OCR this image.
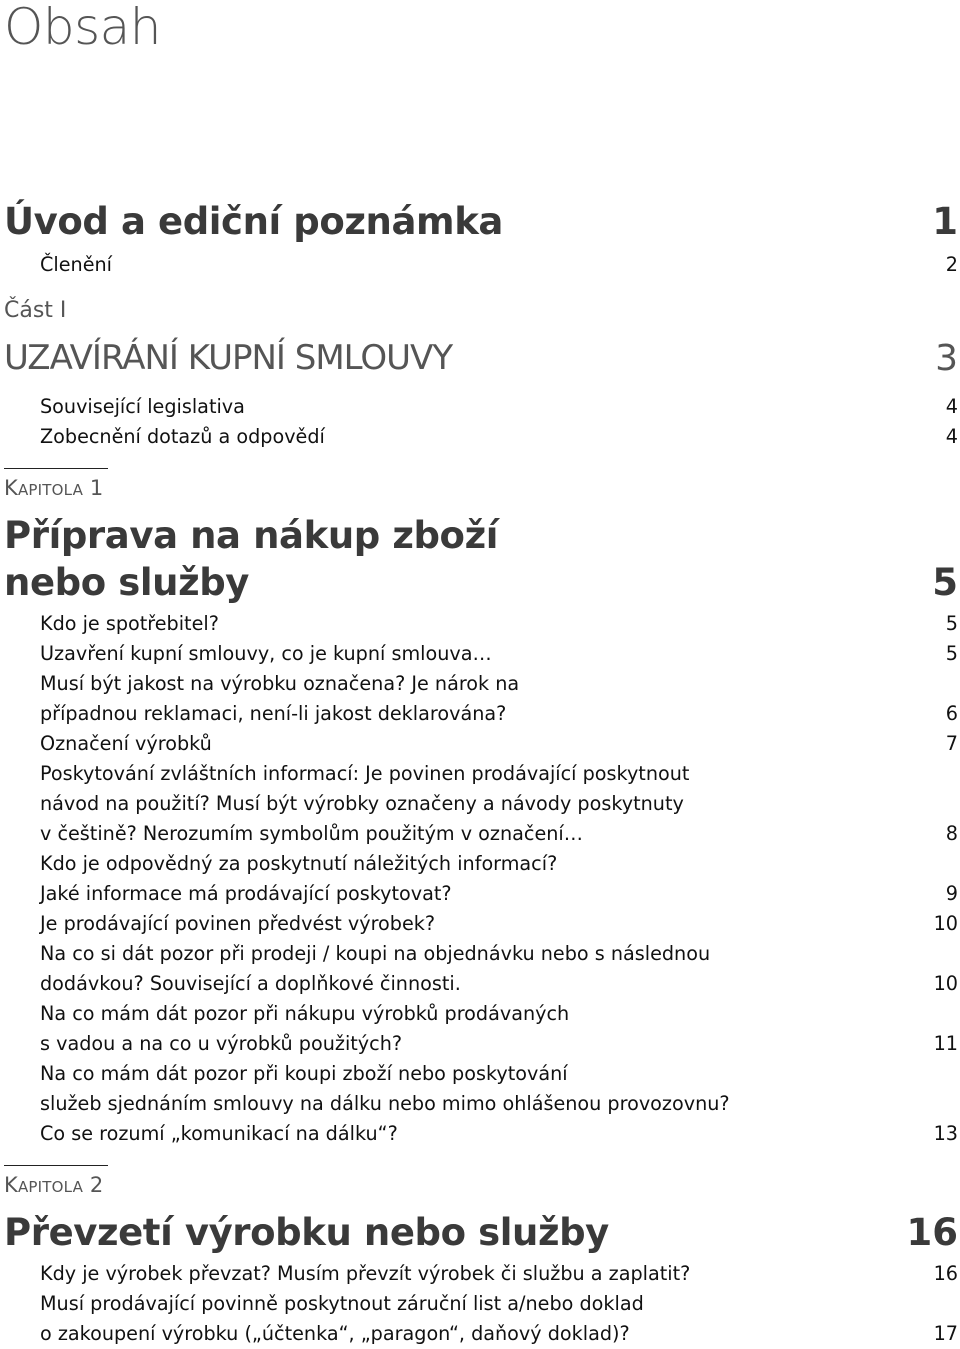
Obsah
Úvod a ediční poznámka	1
Členění	2
Část I
UZAVÍRÁNÍ KUPNÍ SMLOUVY	3
Související legislativa	4
Zobecnění dotazů a odpovědí	4
Kapitola 1
Příprava na nákup zboží
nebo služby	5
Kdo je spotřebitel?	5
Uzavření kupní smlouvy, co je kupní smlouva…	5
Musí být jakost na výrobku označena? Je nárok na
případnou reklamaci, není-li jakost deklarována?	6
Označení výrobků	7
Poskytování zvláštních informací: Je povinen prodávající poskytnout
návod na použití? Musí být výrobky označeny a návody poskytnuty
v češtině? Nerozumím symbolům použitým v označení…	8
Kdo je odpovědný za poskytnutí náležitých informací?
Jaké informace má prodávající poskytovat?	9
Je prodávající povinen předvést výrobek?	10
Na co si dát pozor při prodeji / koupi na objednávku nebo s následnou
dodávkou? Související a doplňkové činnosti.	10
Na co mám dát pozor při nákupu výrobků prodávaných
s vadou a na co u výrobků použitých?	11
Na co mám dát pozor při koupi zboží nebo poskytování
služeb sjednáním smlouvy na dálku nebo mimo ohlášenou provozovnu?
Co se rozumí „komunikací na dálku“?	13
Kapitola 2
Převzetí výrobku nebo služby	16
Kdy je výrobek převzat? Musím převzít výrobek či službu a zaplatit?	16
Musí prodávající povinně poskytnout záruční list a/nebo doklad
o zakoupení výrobku („účtenka“, „paragon“, daňový doklad)?	17
